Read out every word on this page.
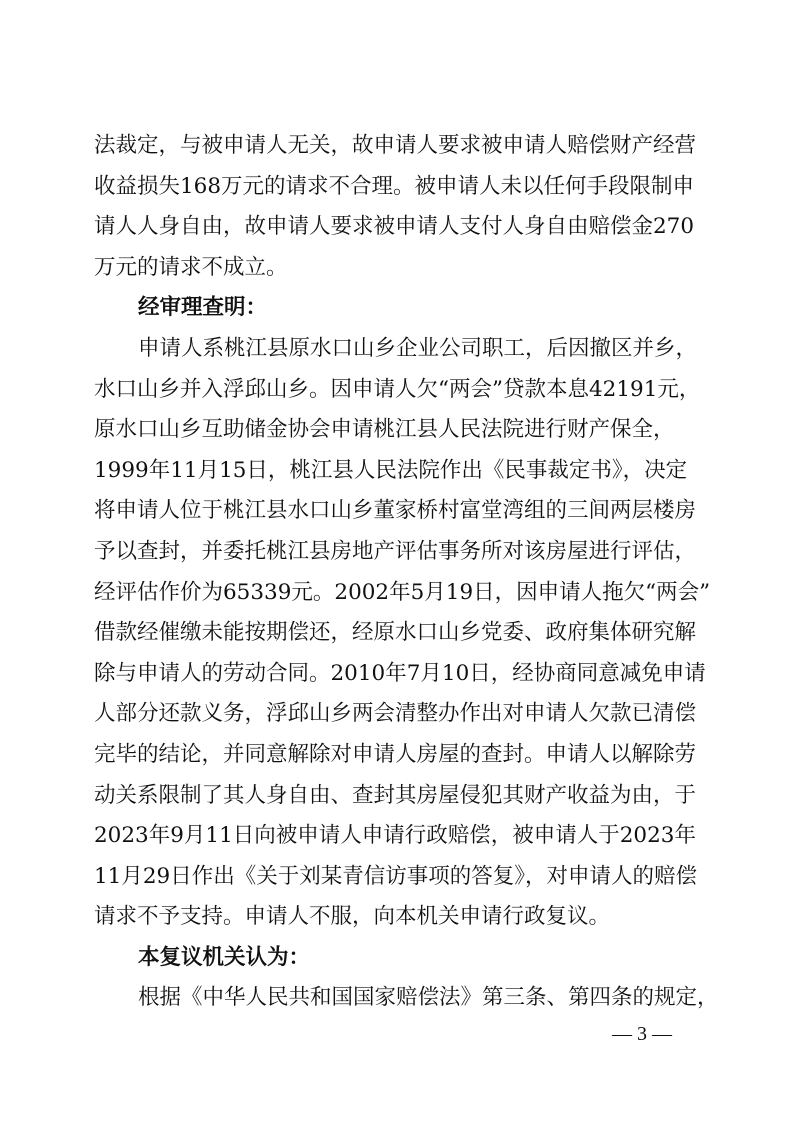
法裁定，与被申请人无关，故申请人要求被申请人赔偿财产经营
收益损失168万元的请求不合理。被申请人未以任何手段限制申
请人人身自由，故申请人要求被申请人支付人身自由赔偿金270
万元的请求不成立。
经审理查明：
申请人系桃江县原水口山乡企业公司职工，后因撤区并乡，
水口山乡并入浮邱山乡。因申请人欠“两会”贷款本息42191元，
原水口山乡互助储金协会申请桃江县人民法院进行财产保全，
1999年11月15日，桃江县人民法院作出《民事裁定书》，决定
将申请人位于桃江县水口山乡董家桥村富堂湾组的三间两层楼房
予以查封，并委托桃江县房地产评估事务所对该房屋进行评估，
经评估作价为65339元。2002年5月19日，因申请人拖欠“两会”
借款经催缴未能按期偿还，经原水口山乡党委、政府集体研究解
除与申请人的劳动合同。2010年7月10日，经协商同意减免申请
人部分还款义务，浮邱山乡两会清整办作出对申请人欠款已清偿
完毕的结论，并同意解除对申请人房屋的查封。申请人以解除劳
动关系限制了其人身自由、查封其房屋侵犯其财产收益为由，于
2023年9月11日向被申请人申请行政赔偿，被申请人于2023年
11月29日作出《关于刘某青信访事项的答复》，对申请人的赔偿
请求不予支持。申请人不服，向本机关申请行政复议。
本复议机关认为：
根据《中华人民共和国国家赔偿法》第三条、第四条的规定，
— 3 —
